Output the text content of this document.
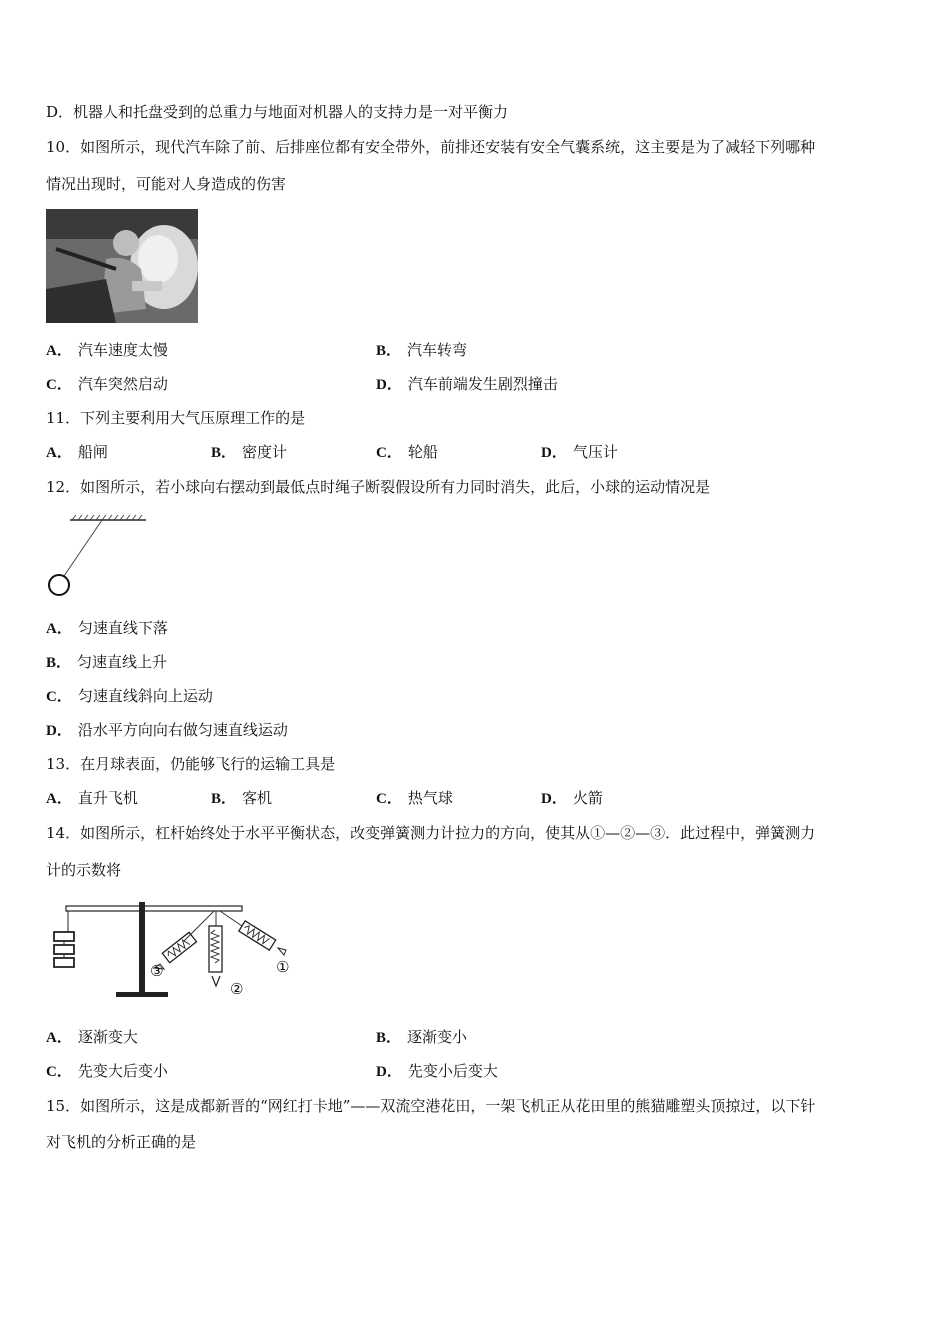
D．机器人和托盘受到的总重力与地面对机器人的支持力是一对平衡力
10．如图所示，现代汽车除了前、后排座位都有安全带外，前排还安装有安全气囊系统，这主要是为了减轻下列哪种
情况出现时，可能对人身造成的伤害
A． 汽车速度太慢	B． 汽车转弯
C． 汽车突然启动	D． 汽车前端发生剧烈撞击
11．下列主要利用大气压原理工作的是
A． 船闸	B． 密度计	C． 轮船	D． 气压计
12．如图所示，若小球向右摆动到最低点时绳子断裂假设所有力同时消失，此后，小球的运动情况是
A． 匀速直线下落
B． 匀速直线上升
C． 匀速直线斜向上运动
D． 沿水平方向向右做匀速直线运动
13．在月球表面，仍能够飞行的运输工具是
A． 直升飞机	B． 客机	C． 热气球	D． 火箭
14．如图所示，杠杆始终处于水平平衡状态，改变弹簧测力计拉力的方向，使其从①—②—③．此过程中，弹簧测力
计的示数将
①
②
③
A． 逐渐变大	B． 逐渐变小
C． 先变大后变小	D． 先变小后变大
15．如图所示，这是成都新晋的“网红打卡地”——双流空港花田，一架飞机正从花田里的熊猫雕塑头顶掠过，以下针
对飞机的分析正确的是
